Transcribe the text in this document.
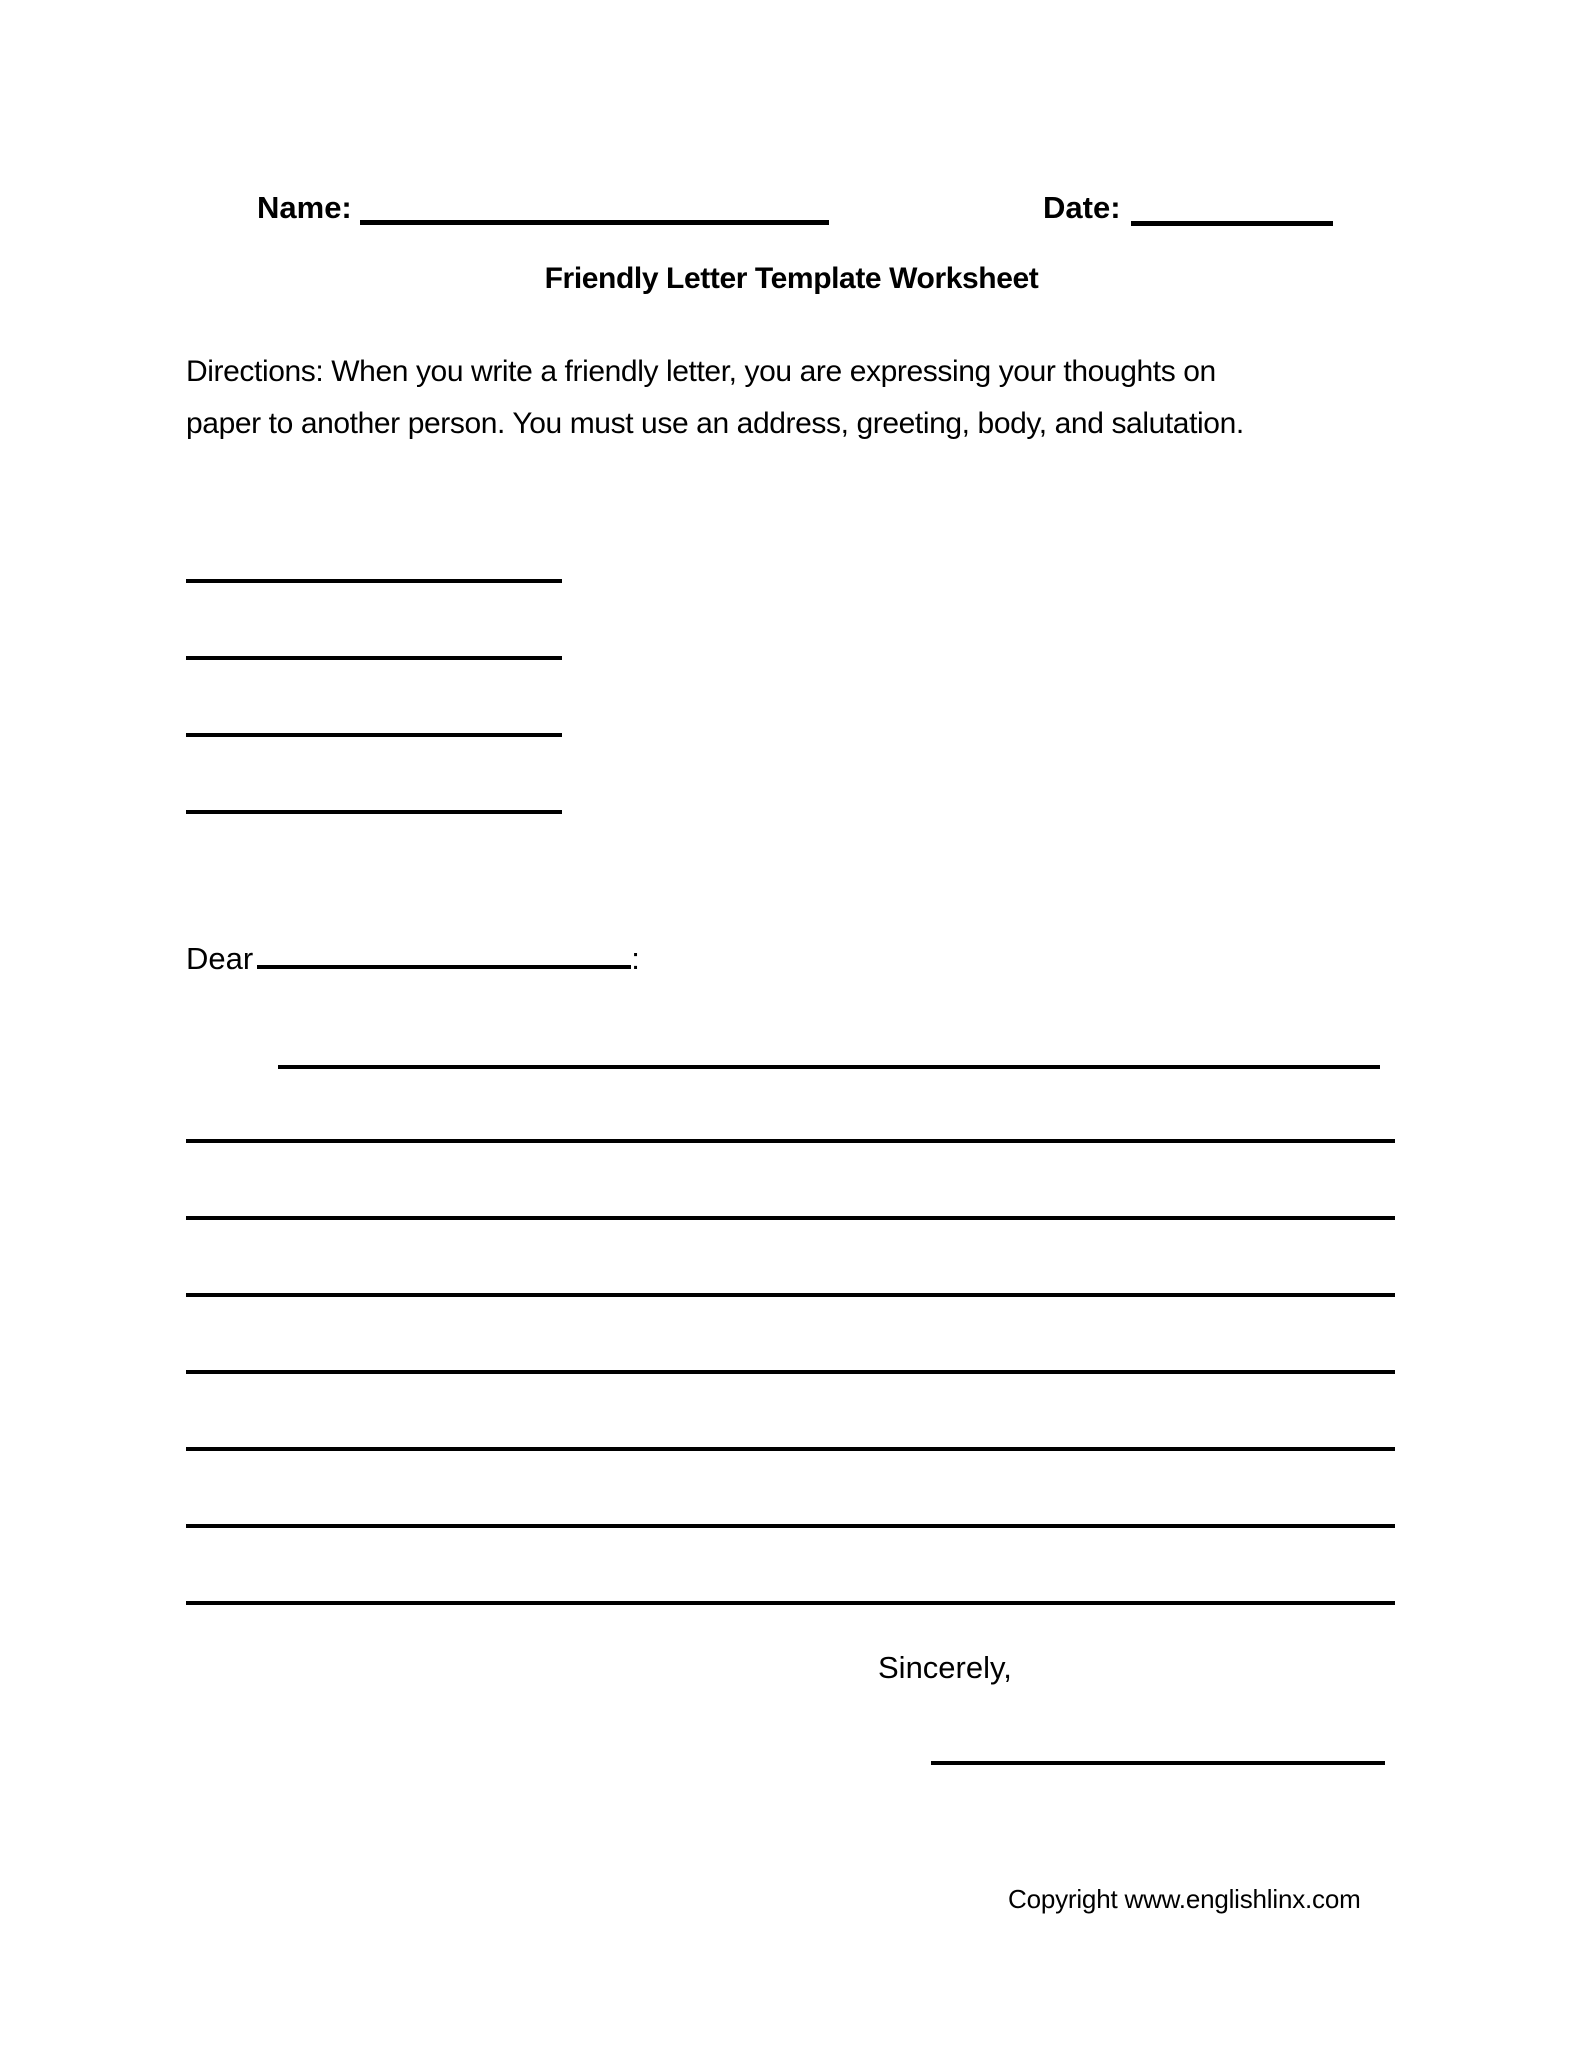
Name:	Date:
Friendly Letter Template Worksheet
Directions: When you write a friendly letter, you are expressing your thoughts on
paper to another person. You must use an address, greeting, body, and salutation.
Dear	:
Sincerely,
Copyright www.englishlinx.com
